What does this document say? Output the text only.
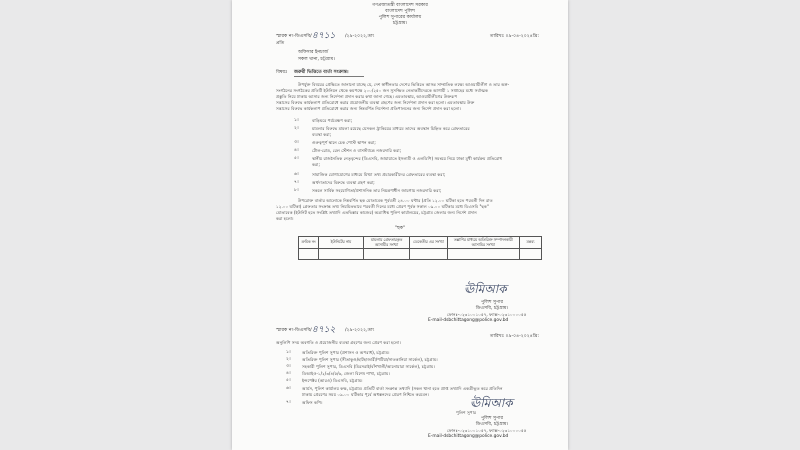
গণপ্রজাতন্ত্রী বাংলাদেশ সরকার
বাংলাদেশ পুলিশ
পুলিশ সুপারের কার্যালয়
চট্টগ্রাম।
স্মারক নং-ডিএসবি/ ৪৭১১ /২৯-২০২২,তাং	তারিখঃ ০৯-০৪-২০২৪খ্রি:
প্রতি
অফিসার ইনচার্জ
সকল থানা, চট্টগ্রাম।
বিষয়ঃ জরুরী ভিত্তিতে বার্তা সংক্রান্ত।
উপর্যুক্ত বিষয়ের প্রেক্ষিতে জানানো যাচ্ছে যে, দেশ স্বাধীনতার দেশের ভিত্তিতে আসন্ন সাম্প্রতিক লক্ষ্যে আওয়ামীলীগ ও তার অঙ্গ-
সংগঠনের সংগঠকের প্রতিটি ইউনিয়ন থেকে কমপক্ষে ২০০/২৫০ জন সুসজ্জিত নেতাকর্মীদেরকে আগামী ১ সপ্তাহের মধ্যে সর্বাত্মক
প্রস্তুতি নিয়ে ঢাকায় আসার জন্য নির্দেশনা প্রদান করার কথা জানা গেছে। এমতাবস্থায়, আওয়ামীলীগের উক্তরূপ
সন্ত্রাসের বিরুদ্ধে কার্যকলাপ প্রতিরোধে করার প্রয়োজনীয় ব্যবস্থা গ্রহণের জন্য নির্দেশনা প্রদান করা হলো। এমতাবস্থায় উক্ত
সন্ত্রাসের বিরুদ্ধে কার্যকলাপ প্রতিরোধে করার জন্য নিম্নবর্ণিত নির্দেশনা প্রতিপালনের জন্য নির্দেশ প্রদান করা হলো।
১।	বাড়িঘরে পর্যবেক্ষণ করা;
২।	মামলার বিরুদ্ধে মামলা রয়েছে যেসকল ট্রাকিয়ের মাধ্যমে তাদের অবস্থান চিহ্নিত করে গ্রেফতারের
ব্যবস্থা করা;
৩।	গুরুত্বপূর্ণ স্থানে চেক পোস্ট স্থাপন করা;
৪।	টোল-রোড, রেল স্টেশন ও বাসস্ট্যান্ডে নজরদারি করা;
৫।	স্থানীয় রাজনৈতিক নেতৃবৃন্দের (ডিএসবি, জামায়াতে ইসলামী ও এলডিপি) সমন্বয়ে নিয়ে ঢাকা মুখী কার্যক্রম প্রতিরোধ
করা;
৬।	সামাজিক যোগাযোগের মাধ্যমে মিথ্যা তথ্য প্রচারকারীদের গ্রেফতারের ব্যবস্থা করা;
৭।	অর্থদাতাদের বিরুদ্ধে ব্যবস্থা গ্রহণ করা;
৮।	সকলে সার্বিক সহযোগিতা/প্রশাসনিক তার নিয়ন্ত্রণাধীন জায়গায় নজরদারি করা;
উপরোক্ত বার্তার আলোকে নিম্নবর্ণিত ছক মোতাবেক পূর্ববর্তী ২৪.০০ ঘন্টার (প্রতি ১২.০০ ঘটিকা হতে পরবর্তী দিন রাত
১২.০০ ঘটিকা) গ্রেফতার সংক্রান্ত তথ্য নিয়মিতভাবে পরবর্তী দিনের মধ্যে প্রেরণ পূর্বক সকাল ০৯.০০ ঘটিকার মধ্যে ডিএসবি "ছক"
মোতাবেক (ইউনিট হতে সংশ্লিষ্ট তথ্যাদি এতদ্বিস্তার কাজের) অত্রাধিস্থ পুলিশ কার্যালয়ের, চট্টগ্রাম জেলার জন্য নির্দেশ প্রদান
করা হলো।
"ছক"
ক্রমিক নং	ইউনিটের নাম	মামলায় গ্রেফতারকৃত আসামীর সংখ্যা	ডেকেতীর এর সংখ্যা	তল্লাশির মাধ্যমে অতিরিক্ত সম্পাদনকারী আসামির সংখ্যা	মন্তব্য

ঊমিআক
পুলিশ সুপার
ডিএসবি, চট্টগ্রাম।
ফোনঃ-০২৩১০০১০৫৭, ফ্যাক্স-০২৩১০০০০৫৫
E-mail-dsbchittagong@police.gov.bd
স্মারক নং-ডিএসবি/ ৪৭১২ /২৯-২০২২,তাং
তারিখঃ ০৯-০৪-২০২৪খ্রি:
অনুলিপি সদয় অবগতি ও প্রয়োজনীয় ব্যবস্থা গ্রহণের জন্য প্রেরণ করা হলো।
১।	অতিরিক্ত পুলিশ সুপার (প্রশাসন ও অপরাধ), চট্টগ্রাম।
২।	অতিরিক্ত পুলিশ সুপার (সীতাকুণ্ড/হাটহাজারী/পটিয়া/সাতকানিয়া সার্কেল), চট্টগ্রাম।
৩।	সহকারী পুলিশ সুপার, ডিএসবি (মিরসরাই/বাঁশখালী/আনোয়ারা সার্কেল), চট্টগ্রাম।
৪।	ডিআইও-১/২/৩/৪/৫/৬, জেলা বিশেষ শাখা, চট্টগ্রাম।
৫।	ইন্সপেক্টর (আরও) ডিএসবি, চট্টগ্রাম।
৬।	আর্মস, পুলিশ কার্যালয় কক্ষ, চট্টগ্রাম। প্রতিটি বার্তা সংক্রান্ত তথ্যাদি (সকল থানা হতে প্রাপ্ত তথ্যাদি একত্রীভূত করে প্রতিদিন
ঢাকায় প্রেরণের সময় ০৯.০০ ঘটিকার পূর্বে অধস্তনদের প্রেরণ নিশ্চিত করবেন।
৭।	অফিস কপি।	ঊমিআক
পুলিশ সুপার
পুলিশ সুপার
ডিএসবি, চট্টগ্রাম।
ফোনঃ-০২৩১০০১০৫৭, ফ্যাক্স-০২৩১০০০০৫৫
E-mail-dsbchittagong@police.gov.bd
